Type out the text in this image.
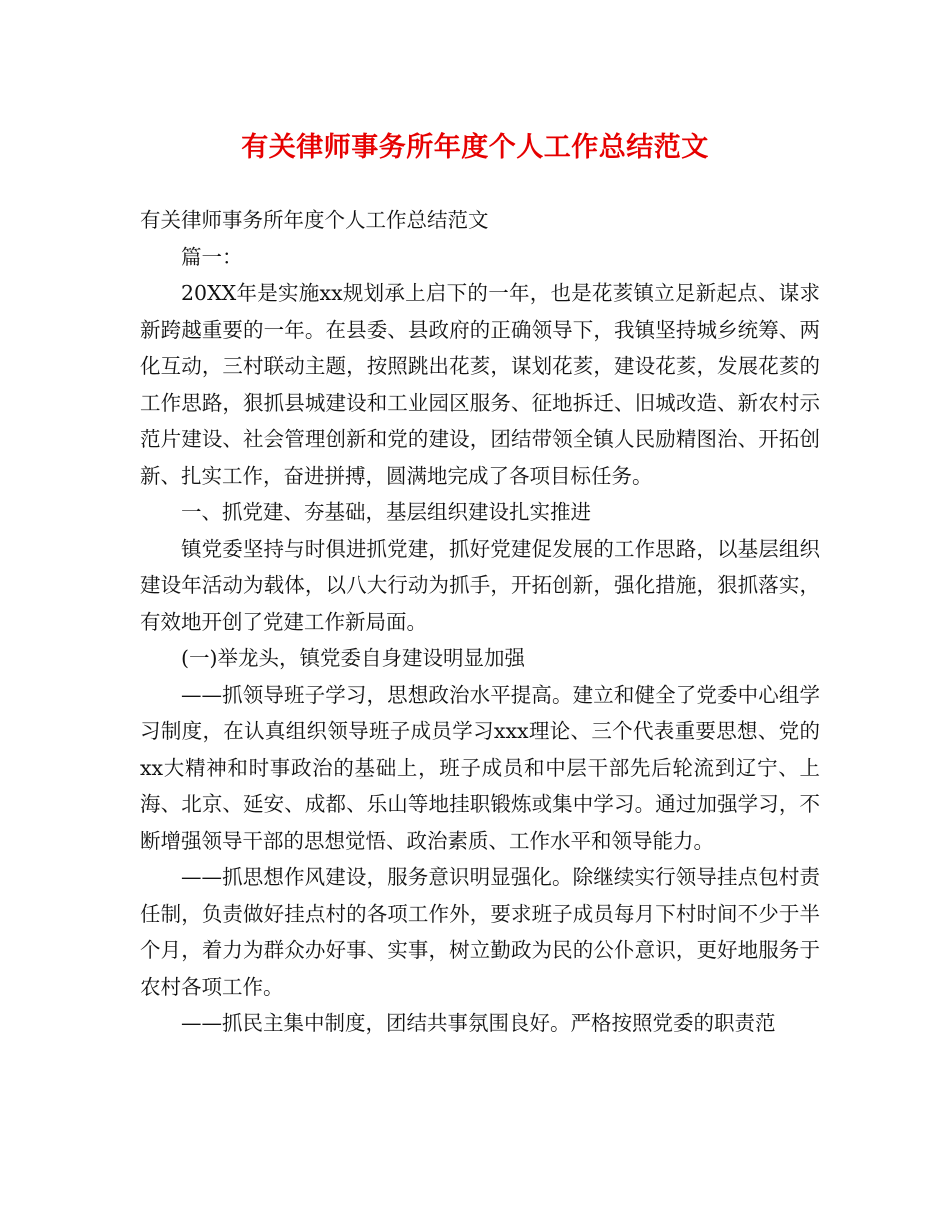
有关律师事务所年度个人工作总结范文

有关律师事务所年度个人工作总结范文

篇一：

20XX年是实施xx规划承上启下的一年，也是花荄镇立足新起点、谋求新跨越重要的一年。在县委、县政府的正确领导下，我镇坚持城乡统筹、两化互动，三村联动主题，按照跳出花荄，谋划花荄，建设花荄，发展花荄的工作思路，狠抓县城建设和工业园区服务、征地拆迁、旧城改造、新农村示范片建设、社会管理创新和党的建设，团结带领全镇人民励精图治、开拓创新、扎实工作，奋进拼搏，圆满地完成了各项目标任务。

一、抓党建、夯基础，基层组织建设扎实推进

镇党委坚持与时俱进抓党建，抓好党建促发展的工作思路，以基层组织建设年活动为载体，以八大行动为抓手，开拓创新，强化措施，狠抓落实，有效地开创了党建工作新局面。

(一)举龙头，镇党委自身建设明显加强

——抓领导班子学习，思想政治水平提高。建立和健全了党委中心组学习制度，在认真组织领导班子成员学习xxx理论、三个代表重要思想、党的xx大精神和时事政治的基础上，班子成员和中层干部先后轮流到辽宁、上海、北京、延安、成都、乐山等地挂职锻炼或集中学习。通过加强学习，不断增强领导干部的思想觉悟、政治素质、工作水平和领导能力。

——抓思想作风建设，服务意识明显强化。除继续实行领导挂点包村责任制，负责做好挂点村的各项工作外，要求班子成员每月下村时间不少于半个月，着力为群众办好事、实事，树立勤政为民的公仆意识，更好地服务于农村各项工作。

——抓民主集中制度，团结共事氛围良好。严格按照党委的职责范
